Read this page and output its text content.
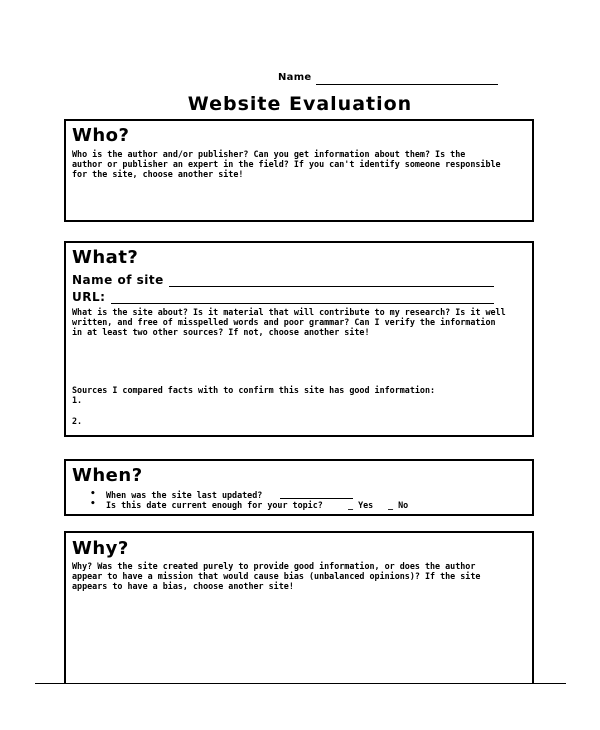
Name
Website Evaluation
Who?
Who is the author and/or publisher? Can you get information about them? Is the
author or publisher an expert in the field? If you can't identify someone responsible
for the site, choose another site!
What?
Name of site
URL:
What is the site about? Is it material that will contribute to my research? Is it well
written, and free of misspelled words and poor grammar? Can I verify the information
in at least two other sources? If not, choose another site!
Sources I compared facts with to confirm this site has good information:
1.
2.
When?
• When was the site last updated?
• Is this date current enough for your topic?	_ Yes _ No
Why?
Why? Was the site created purely to provide good information, or does the author
appear to have a mission that would cause bias (unbalanced opinions)? If the site
appears to have a bias, choose another site!
